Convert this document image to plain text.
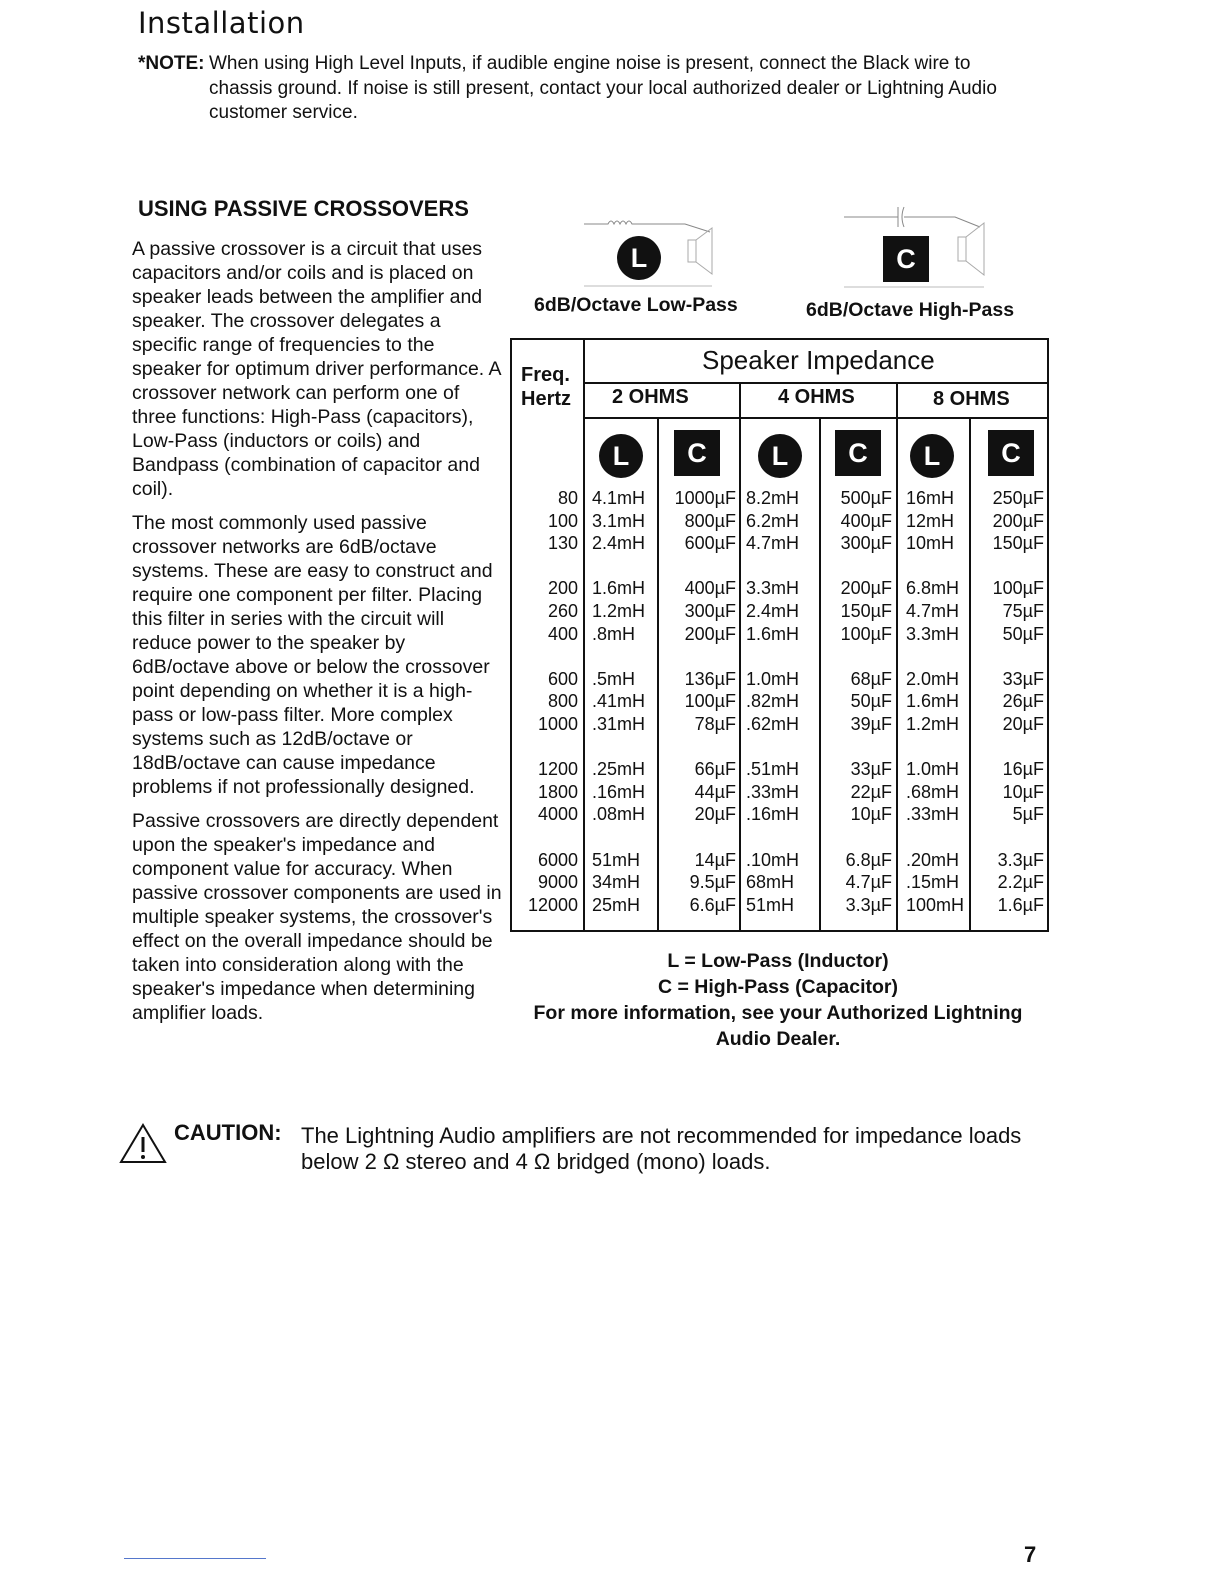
Installation
*NOTE: When using High Level Inputs, if audible engine noise is present, connect the Black wire to chassis ground. If noise is still present, contact your local authorized dealer or Lightning Audio customer service.
USING PASSIVE CROSSOVERS

A passive crossover is a circuit that uses capacitors and/or coils and is placed on speaker leads between the amplifier and speaker. The crossover delegates a specific range of frequencies to the speaker for optimum driver performance. A crossover network can perform one of three functions: High-Pass (capacitors), Low-Pass (inductors or coils) and Bandpass (combination of capacitor and coil).

The most commonly used passive crossover networks are 6dB/octave systems. These are easy to construct and require one component per filter. Placing this filter in series with the circuit will reduce power to the speaker by 6dB/octave above or below the crossover point depending on whether it is a high-pass or low-pass filter. More complex systems such as 12dB/octave or 18dB/octave can cause impedance problems if not professionally designed.

Passive crossovers are directly dependent upon the speaker's impedance and component value for accuracy. When passive crossover components are used in multiple speaker systems, the crossover's effect on the overall impedance should be taken into consideration along with the speaker's impedance when determining amplifier loads.

L	C
6dB/Octave Low-Pass	6dB/Octave High-Pass
Speaker Impedance
Freq.
Hertz 2 OHMS	4 OHMS	8 OHMS
L	C	L	C	L	C
80 4.1mH	1000µF 8.2mH	500µF 16mH	250µF
100 3.1mH	800µF 6.2mH	400µF 12mH	200µF
130 2.4mH	600µF 4.7mH	300µF 10mH	150µF
200 1.6mH	400µF 3.3mH	200µF 6.8mH	100µF
260 1.2mH	300µF 2.4mH	150µF 4.7mH	75µF
400 .8mH	200µF 1.6mH	100µF 3.3mH	50µF
600 .5mH	136µF 1.0mH	68µF 2.0mH	33µF
800 .41mH	100µF .82mH	50µF 1.6mH	26µF
1000 .31mH	78µF .62mH	39µF 1.2mH	20µF
1200 .25mH	66µF .51mH	33µF 1.0mH	16µF
1800 .16mH	44µF .33mH	22µF .68mH	10µF
4000 .08mH	20µF .16mH	10µF .33mH	5µF
6000 51mH	14µF .10mH	6.8µF .20mH	3.3µF
9000 34mH	9.5µF 68mH	4.7µF .15mH	2.2µF
12000 25mH	6.6µF 51mH	3.3µF 100mH	1.6µF
L = Low-Pass (Inductor)
C = High-Pass (Capacitor)
For more information, see your Authorized Lightning Audio Dealer.
CAUTION: The Lightning Audio amplifiers are not recommended for impedance loads below 2 Ω stereo and 4 Ω bridged (mono) loads.
7
